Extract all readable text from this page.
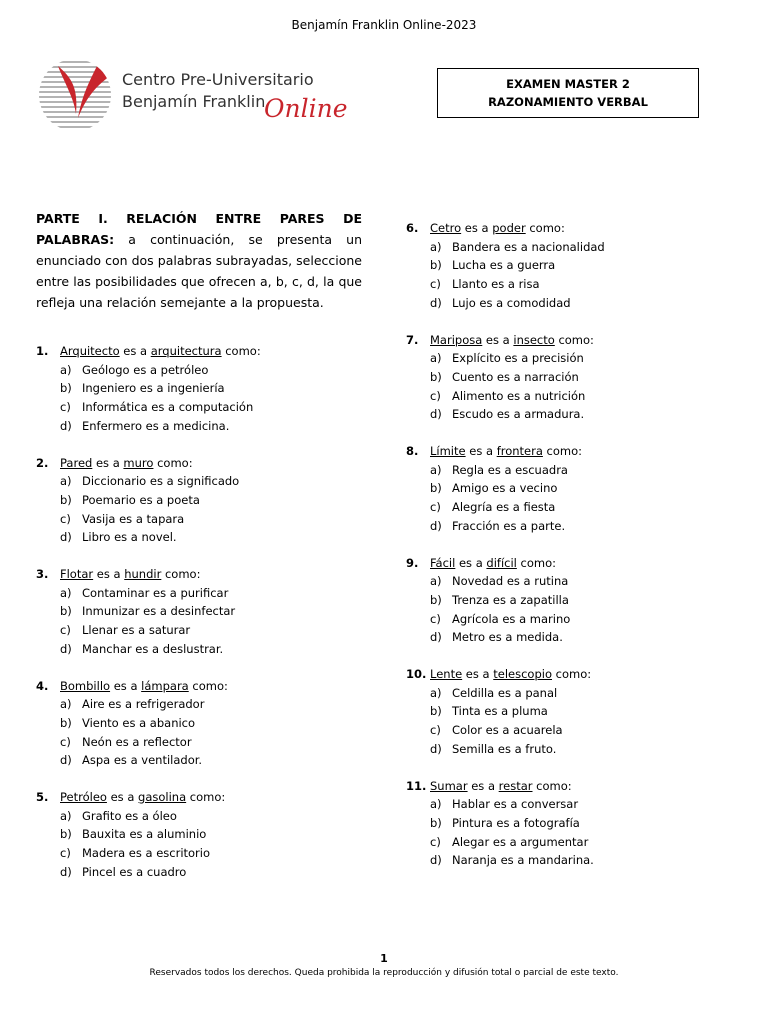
Benjamín Franklin Online-2023
Centro Pre-Universitario
Benjamín Franklin
Online
EXAMEN MASTER 2
RAZONAMIENTO VERBAL
PARTE I. RELACIÓN ENTRE PARES DE PALABRAS: a continuación, se presenta un enunciado con dos palabras subrayadas, seleccione entre las posibilidades que ofrecen a, b, c, d, la que refleja una relación semejante a la propuesta.
1.	Arquitecto es a arquitectura como:
a) Geólogo es a petróleo
b) Ingeniero es a ingeniería
c) Informática es a computación
d) Enfermero es a medicina.
2.	Pared es a muro como:
a) Diccionario es a significado
b) Poemario es a poeta
c) Vasija es a tapara
d) Libro es a novel.
3.	Flotar es a hundir como:
a) Contaminar es a purificar
b) Inmunizar es a desinfectar
c) Llenar es a saturar
d) Manchar es a deslustrar.
4.	Bombillo es a lámpara como:
a) Aire es a refrigerador
b) Viento es a abanico
c) Neón es a reflector
d) Aspa es a ventilador.
5.	Petróleo es a gasolina como:
a) Grafito es a óleo
b) Bauxita es a aluminio
c) Madera es a escritorio
d) Pincel es a cuadro
6.	Cetro es a poder como:
a) Bandera es a nacionalidad
b) Lucha es a guerra
c) Llanto es a risa
d) Lujo es a comodidad
7.	Mariposa es a insecto como:
a) Explícito es a precisión
b) Cuento es a narración
c) Alimento es a nutrición
d) Escudo es a armadura.
8.	Límite es a frontera como:
a) Regla es a escuadra
b) Amigo es a vecino
c) Alegría es a fiesta
d) Fracción es a parte.
9.	Fácil es a difícil como:
a) Novedad es a rutina
b) Trenza es a zapatilla
c) Agrícola es a marino
d) Metro es a medida.
10. Lente es a telescopio como:
a) Celdilla es a panal
b) Tinta es a pluma
c) Color es a acuarela
d) Semilla es a fruto.
11. Sumar es a restar como:
a) Hablar es a conversar
b) Pintura es a fotografía
c) Alegar es a argumentar
d) Naranja es a mandarina.
1
Reservados todos los derechos. Queda prohibida la reproducción y difusión total o parcial de este texto.
